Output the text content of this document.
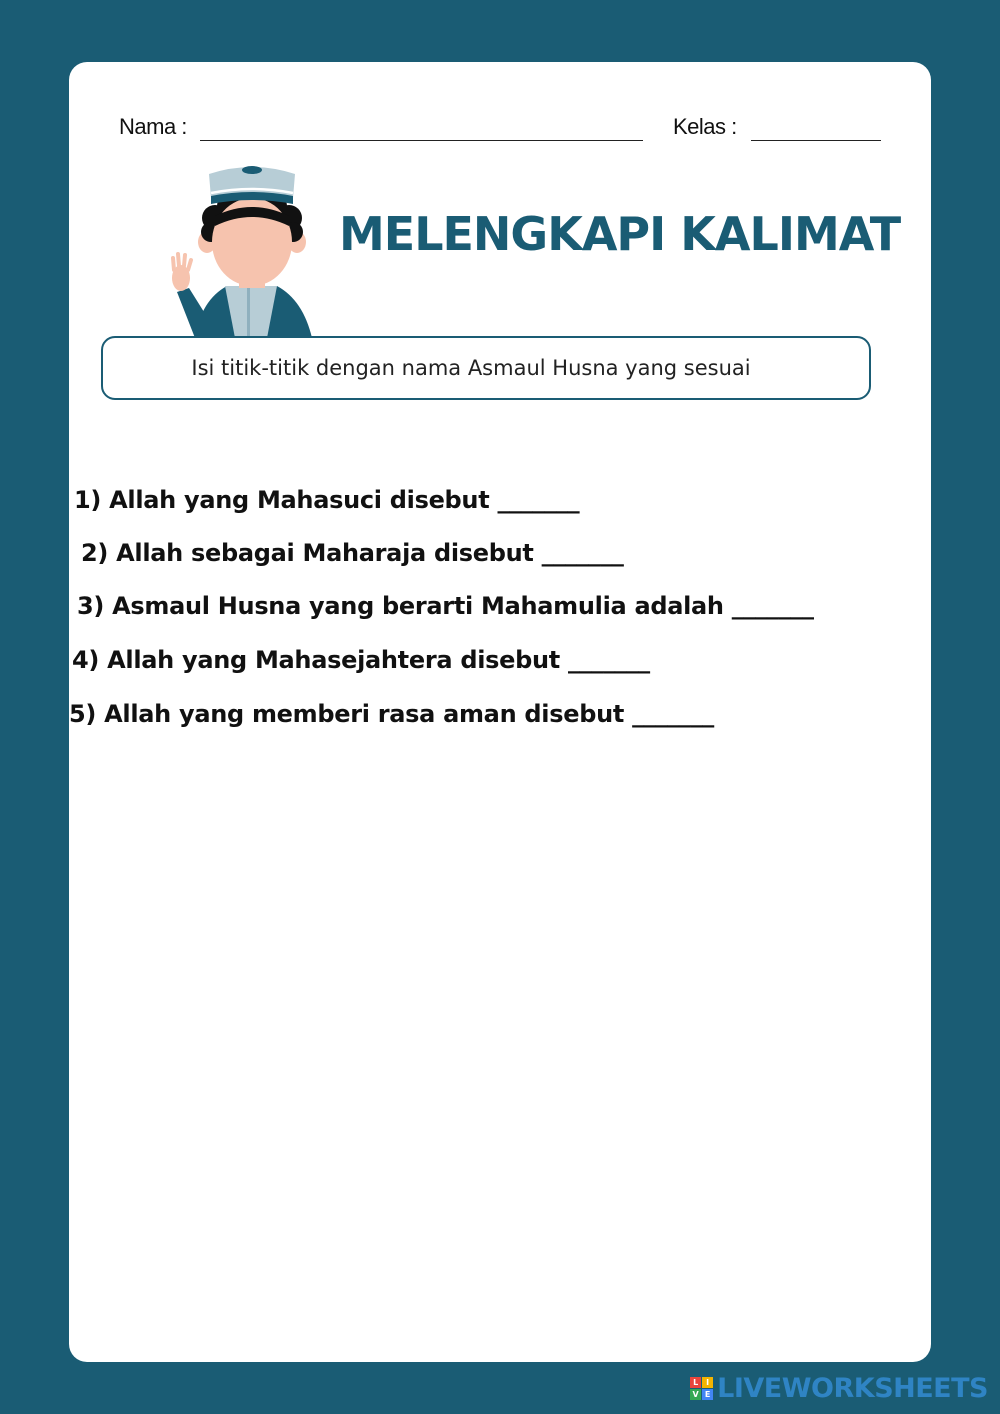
Nama :	Kelas :
MELENGKAPI KALIMAT
Isi titik-titik dengan nama Asmaul Husna yang sesuai
1) Allah yang Mahasuci disebut _______
2) Allah sebagai Maharaja disebut _______
3) Asmaul Husna yang berarti Mahamulia adalah _______
4) Allah yang Mahasejahtera disebut _______
5) Allah yang memberi rasa aman disebut _______
L I
V E LIVEWORKSHEETS
